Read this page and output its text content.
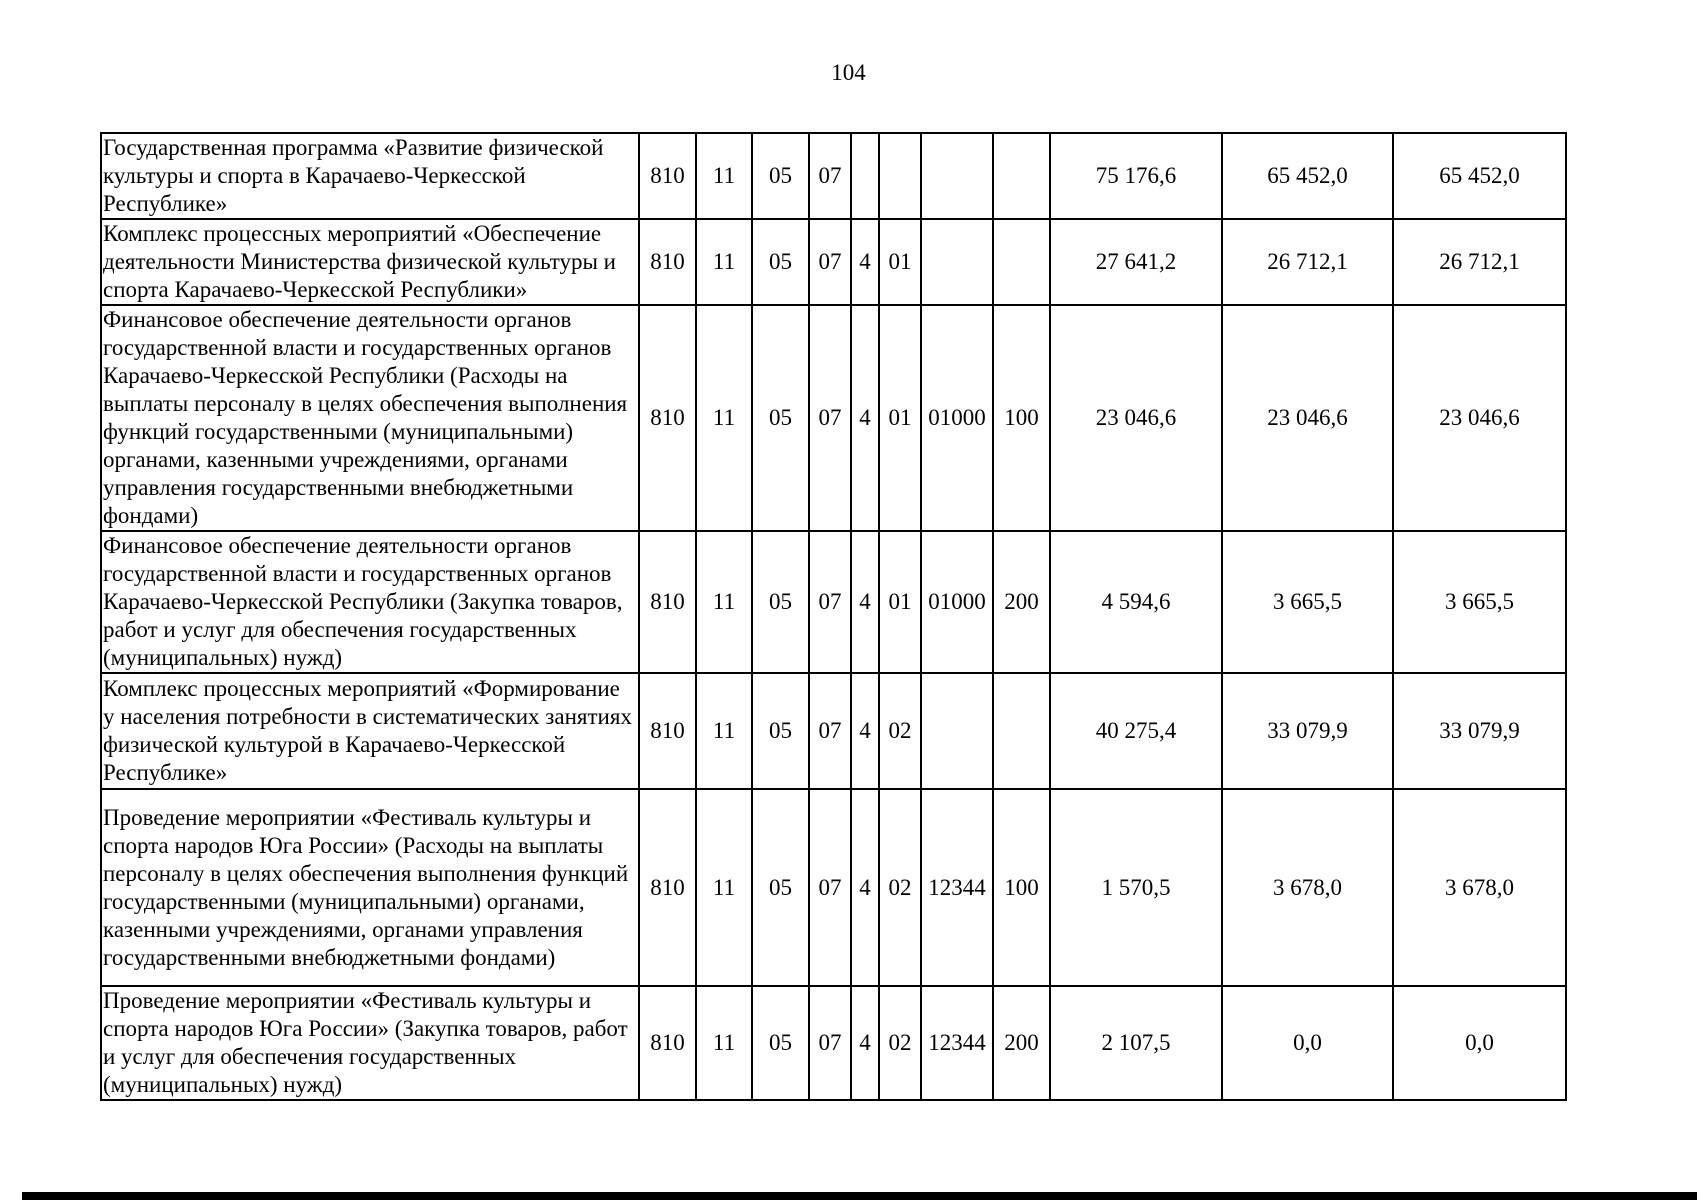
104
Государственная программа «Развитие физической культуры и спорта в Карачаево-Черкесской Республике»	810	11	05	07					75 176,6	65 452,0	65 452,0
Комплекс процессных мероприятий «Обеспечение деятельности Министерства физической культуры и спорта Карачаево-Черкесской Республики»	810	11	05	07	4	01			27 641,2	26 712,1	26 712,1
Финансовое обеспечение деятельности органов государственной власти и государственных органов Карачаево-Черкесской Республики (Расходы на выплаты персоналу в целях обеспечения выполнения функций государственными (муниципальными) органами, казенными учреждениями, органами управления государственными внебюджетными фондами)	810	11	05	07	4	01	01000	100	23 046,6	23 046,6	23 046,6
Финансовое обеспечение деятельности органов государственной власти и государственных органов Карачаево-Черкесской Республики (Закупка товаров, работ и услуг для обеспечения государственных (муниципальных) нужд)	810	11	05	07	4	01	01000	200	4 594,6	3 665,5	3 665,5
Комплекс процессных мероприятий «Формирование у населения потребности в систематических занятиях физической культурой в Карачаево-Черкесской Республике»	810	11	05	07	4	02			40 275,4	33 079,9	33 079,9
Проведение мероприятии «Фестиваль культуры и спорта народов Юга России» (Расходы на выплаты персоналу в целях обеспечения выполнения функций государственными (муниципальными) органами, казенными учреждениями, органами управления государственными внебюджетными фондами)	810	11	05	07	4	02	12344	100	1 570,5	3 678,0	3 678,0
Проведение мероприятии «Фестиваль культуры и спорта народов Юга России» (Закупка товаров, работ и услуг для обеспечения государственных (муниципальных) нужд)	810	11	05	07	4	02	12344	200	2 107,5	0,0	0,0
